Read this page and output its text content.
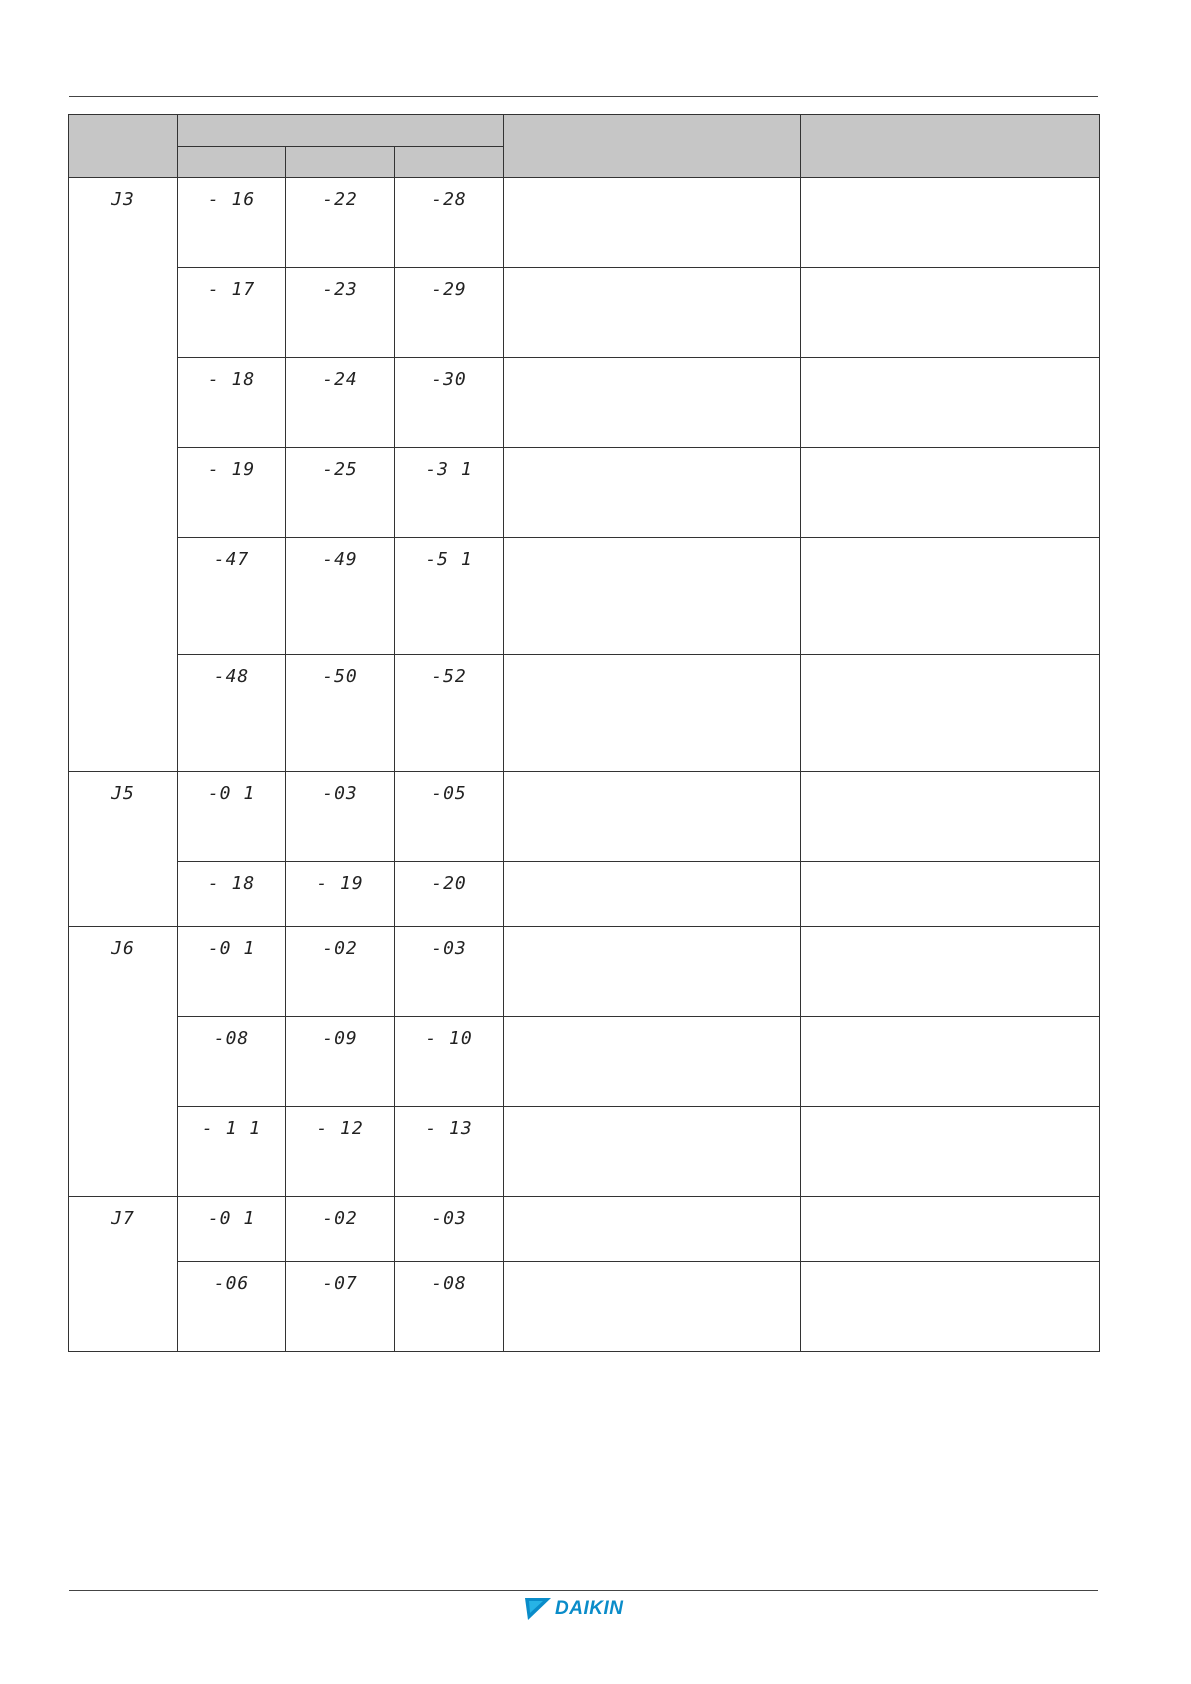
J3	- 16	-22	-28		

	- 17	-23	-29		

	- 18	-24	-30		

	- 19	-25	-3 1		

	-47	-49	-5 1		

	-48	-50	-52		

J5	-0 1	-03	-05		

	- 18	- 19	-20		

J6	-0 1	-02	-03		

	-08	-09	- 10		

	- 1 1	- 12	- 13		

J7	-0 1	-02	-03		

	-06	-07	-08		

DAIKIN
